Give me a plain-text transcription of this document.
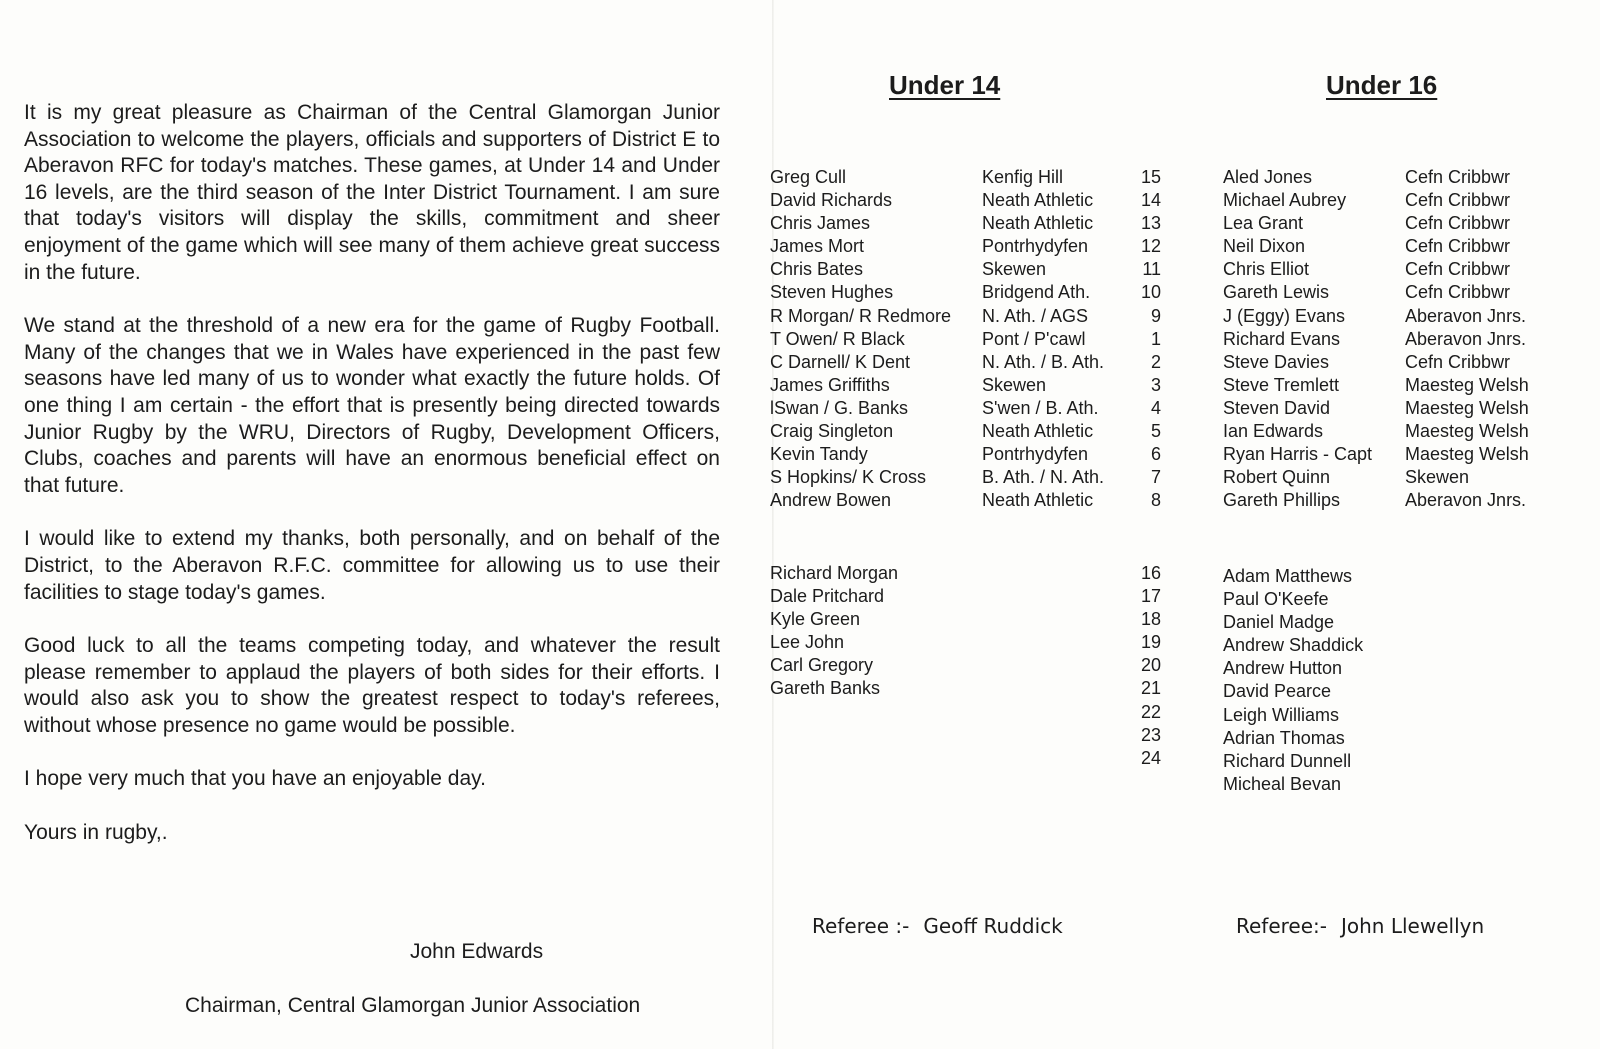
It is my great pleasure as Chairman of the Central Glamorgan Junior Association to welcome the players, officials and supporters of District E to Aberavon RFC for today's matches. These games, at Under 14 and Under 16 levels, are the third season of the Inter District Tournament. I am sure that today's visitors will display the skills, commitment and sheer enjoyment of the game which will see many of them achieve great success in the future.

We stand at the threshold of a new era for the game of Rugby Football. Many of the changes that we in Wales have experienced in the past few seasons have led many of us to wonder what exactly the future holds. Of one thing I am certain - the effort that is presently being directed towards Junior Rugby by the WRU, Directors of Rugby, Development Officers, Clubs, coaches and parents will have an enormous beneficial effect on that future.

I would like to extend my thanks, both personally, and on behalf of the District, to the Aberavon R.F.C. committee for allowing us to use their facilities to stage today's games.

Good luck to all the teams competing today, and whatever the result please remember to applaud the players of both sides for their efforts. I would also ask you to show the greatest respect to today's referees, without whose presence no game would be possible.

I hope very much that you have an enjoyable day.

Yours in rugby,.

John Edwards
Chairman, Central Glamorgan Junior Association
Under 14	Under 16
Greg Cull
David Richards
Chris James
James Mort
Chris Bates
Steven Hughes
R Morgan/ R Redmore
T Owen/ R Black
C Darnell/ K Dent
James Griffiths
lSwan / G. Banks
Craig Singleton
Kevin Tandy
S Hopkins/ K Cross
Andrew Bowen
Kenfig Hill
Neath Athletic
Neath Athletic
Pontrhydyfen
Skewen
Bridgend Ath.
N. Ath. / AGS
Pont / P'cawl
N. Ath. / B. Ath.
Skewen
S'wen / B. Ath.
Neath Athletic
Pontrhydyfen
B. Ath. / N. Ath.
Neath Athletic
15
14
13
12
11
10
9
1
2
3
4
5
6
7
8
Aled Jones
Michael Aubrey
Lea Grant
Neil Dixon
Chris Elliot
Gareth Lewis
J (Eggy) Evans
Richard Evans
Steve Davies
Steve Tremlett
Steven David
Ian Edwards
Ryan Harris - Capt
Robert Quinn
Gareth Phillips
Cefn Cribbwr
Cefn Cribbwr
Cefn Cribbwr
Cefn Cribbwr
Cefn Cribbwr
Cefn Cribbwr
Aberavon Jnrs.
Aberavon Jnrs.
Cefn Cribbwr
Maesteg Welsh
Maesteg Welsh
Maesteg Welsh
Maesteg Welsh
Skewen
Aberavon Jnrs.
Richard Morgan
Dale Pritchard
Kyle Green
Lee John
Carl Gregory
Gareth Banks
16
17
18
19
20
21
22
23
24
Adam Matthews
Paul O'Keefe
Daniel Madge
Andrew Shaddick
Andrew Hutton
David Pearce
Leigh Williams
Adrian Thomas
Richard Dunnell
Micheal Bevan
Referee :- Geoff Ruddick	Referee:- John Llewellyn
